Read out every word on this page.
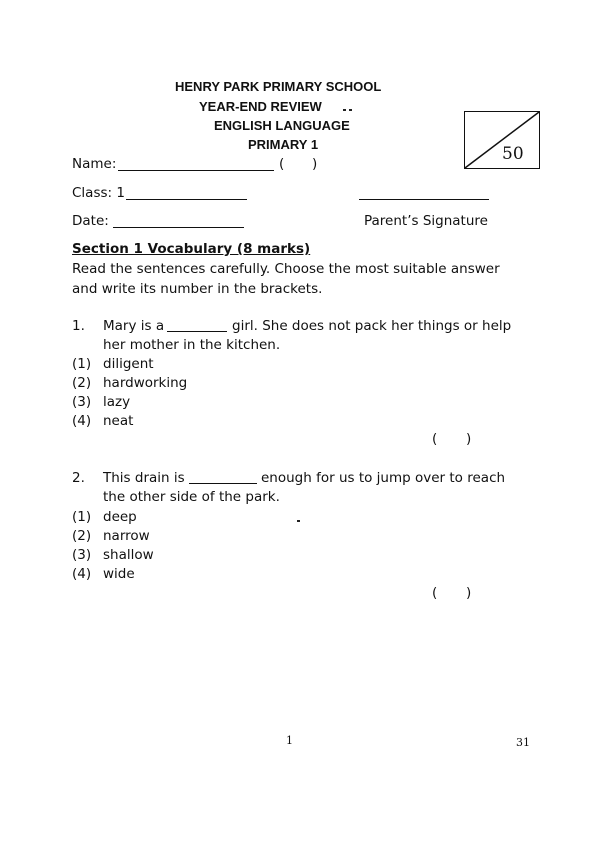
HENRY PARK PRIMARY SCHOOL
YEAR-END REVIEW
ENGLISH LANGUAGE
PRIMARY 1	50
Name:	( )
Class: 1
Date:	Parent’s Signature
Section 1 Vocabulary (8 marks)
Read the sentences carefully. Choose the most suitable answer
and write its number in the brackets.
1. Mary is a	girl. She does not pack her things or help
her mother in the kitchen.
(1) diligent
(2) hardworking
(3) lazy
(4) neat
( )
2. This drain is	enough for us to jump over to reach
the other side of the park.
(1) deep
(2) narrow
(3) shallow
(4) wide
( )
1	31
